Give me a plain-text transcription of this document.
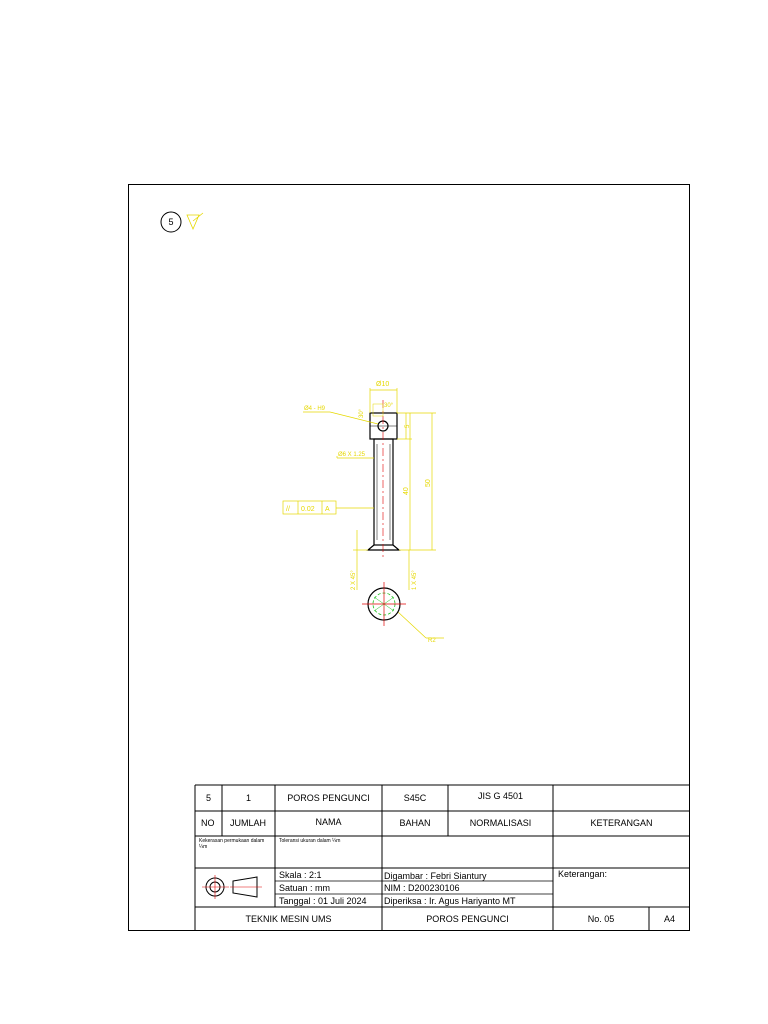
5
Ø10
Ø4 - H9	30°
30°
Ø6 X 1.25
40
50
5
// 0.02 A
2 X 45°	1 X 45°
R2
5	1	POROS PENGUNCI	S45C	JIS G 4501
NO JUMLAH	NAMA	BAHAN	NORMALISASI	KETERANGAN
Kekerasan permukaan dalam ¼m
Toleransi ukuran dalam ¼m
Skala : 2:1
Satuan : mm
Tanggal : 01 Juli 2024
Digambar : Febri Siantury
NIM : D200230106
Diperiksa : Ir. Agus Hariyanto MT
Keterangan:
TEKNIK MESIN UMS	POROS PENGUNCI	No. 05	A4
